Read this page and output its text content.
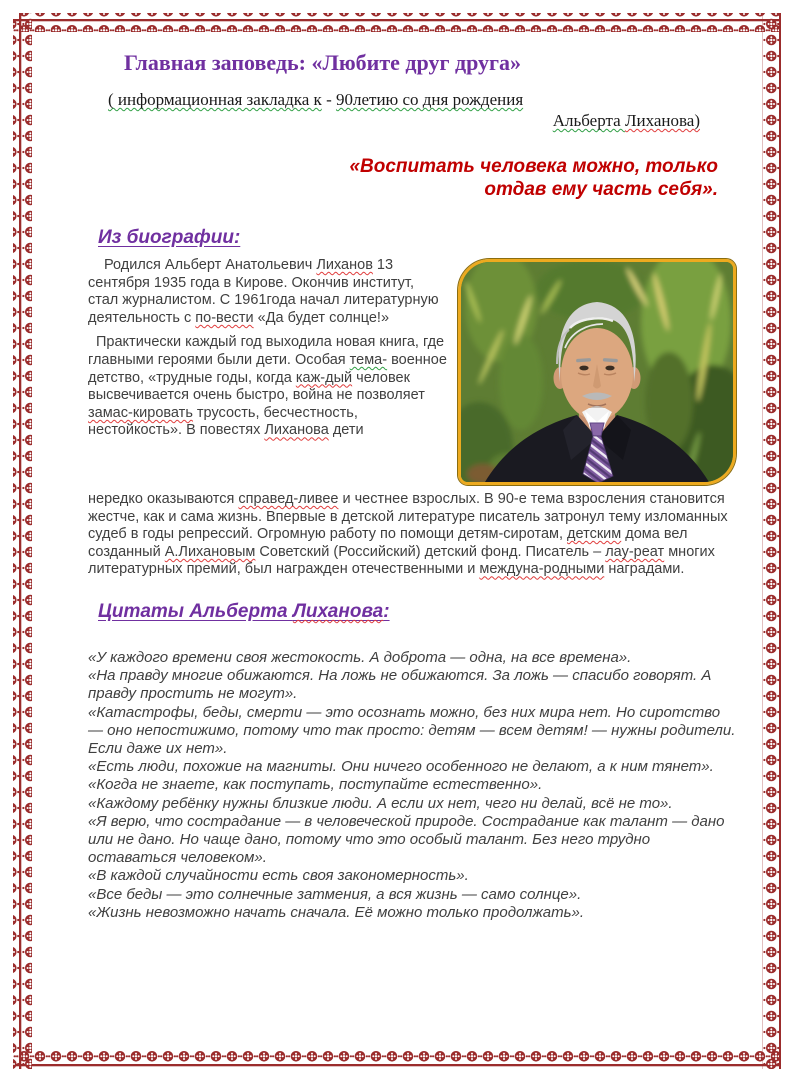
Главная заповедь: «Любите друг друга»
( информационная закладка к - 90летию со дня рождения
Альберта Лиханова)
«Воспитать человека можно, только
отдав ему часть себя».
Из биографии:

Родился Альберт Анатольевич Лиханов 13 сентября 1935 года в Кирове. Окончив институт, стал журналистом. С 1961года начал литературную деятельность с по-вести «Да будет солнце!»

Практически каждый год выходила новая книга, где главными героями были дети. Особая тема- военное детство, «трудные годы, когда каж-дый человек высвечивается очень быстро, война не позволяет замас-кировать трусость, бесчестность, нестойкость». В повестях Лиханова дети

нередко оказываются справед-ливее и честнее взрослых. В 90-е тема взросления становится жестче, как и сама жизнь. Впервые в детской литературе писатель затронул тему изломанных судеб в годы репрессий. Огромную работу по помощи детям-сиротам, детским дома вел созданный А.Лихановым Советский (Российский) детский фонд. Писатель – лау-реат многих литературных премий, был награжден отечественными и междуна-родными наградами.

Цитаты Альберта Лиханова:
«У каждого времени своя жестокость. А доброта — одна, на все времена».
«На правду многие обижаются. На ложь не обижаются. За ложь — спасибо говорят. А правду простить не могут».
«Катастрофы, беды, смерти — это осознать можно, без них мира нет. Но сиротство — оно непостижимо, потому что так просто: детям — всем детям! — нужны родители. Если даже их нет».
«Есть люди, похожие на магниты. Они ничего особенного не делают, а к ним тянет».
«Когда не знаете, как поступать, поступайте естественно».
«Каждому ребёнку нужны близкие люди. А если их нет, чего ни делай, всё не то».
«Я верю, что сострадание — в человеческой природе. Сострадание как талант — дано или не дано. Но чаще дано, потому что это особый талант. Без него трудно оставаться человеком».
«В каждой случайности есть своя закономерность».
«Все беды — это солнечные затмения, а вся жизнь — само солнце».
«Жизнь невозможно начать сначала. Её можно только продолжать».
